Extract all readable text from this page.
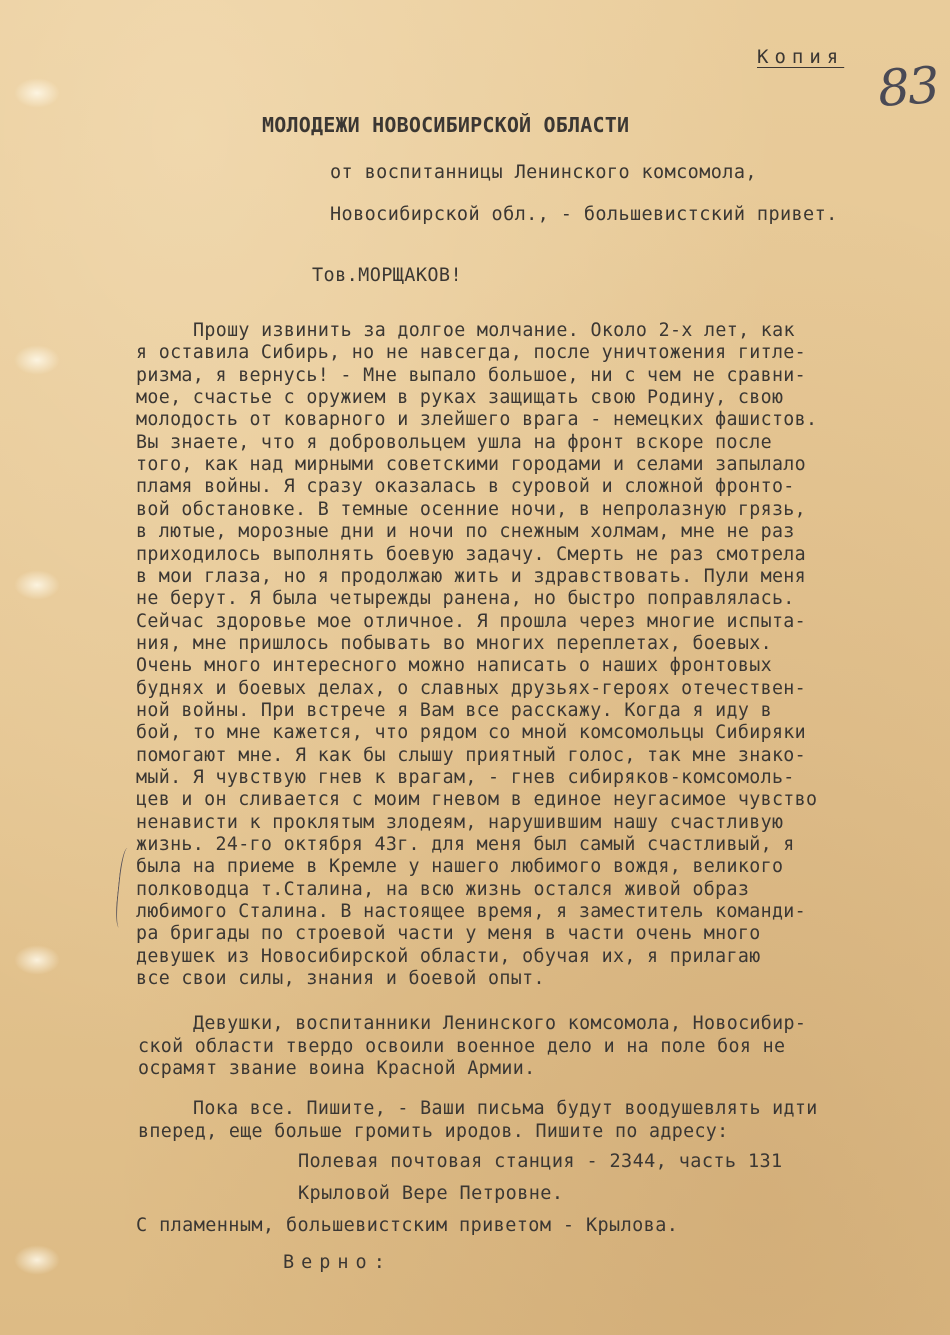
Копия 83
МОЛОДЕЖИ НОВОСИБИРСКОЙ ОБЛАСТИ
от воспитанницы Ленинского комсомола,
Новосибирской обл., - большевистский привет.
Тов.МОРЩАКОВ!
Прошу извинить за долгое молчание. Около 2-х лет, как
я оставила Сибирь, но не навсегда, после уничтожения гитле-
ризма, я вернусь! - Мне выпало большое, ни с чем не сравни-
мое, счастье с оружием в руках защищать свою Родину, свою
молодость от коварного и злейшего врага - немецких фашистов.
Вы знаете, что я добровольцем ушла на фронт вскоре после
того, как над мирными советскими городами и селами запылало
пламя войны. Я сразу оказалась в суровой и сложной фронто-
вой обстановке. В темные осенние ночи, в непролазную грязь,
в лютые, морозные дни и ночи по снежным холмам, мне не раз
приходилось выполнять боевую задачу. Смерть не раз смотрела
в мои глаза, но я продолжаю жить и здравствовать. Пули меня
не берут. Я была четырежды ранена, но быстро поправлялась.
Сейчас здоровье мое отличное. Я прошла через многие испыта-
ния, мне пришлось побывать во многих переплетах, боевых.
Очень много интересного можно написать о наших фронтовых
буднях и боевых делах, о славных друзьях-героях отечествен-
ной войны. При встрече я Вам все расскажу. Когда я иду в
бой, то мне кажется, что рядом со мной комсомольцы Сибиряки
помогают мне. Я как бы слышу приятный голос, так мне знако-
мый. Я чувствую гнев к врагам, - гнев сибиряков-комсомоль-
цев и он сливается с моим гневом в единое неугасимое чувство
ненависти к проклятым злодеям, нарушившим нашу счастливую
жизнь. 24-го октября 43г. для меня был самый счастливый, я
была на приеме в Кремле у нашего любимого вождя, великого
полководца т.Сталина, на всю жизнь остался живой образ
любимого Сталина. В настоящее время, я заместитель команди-
ра бригады по строевой части у меня в части очень много
девушек из Новосибирской области, обучая их, я прилагаю
все свои силы, знания и боевой опыт.
Девушки, воспитанники Ленинского комсомола, Новосибир-
ской области твердо освоили военное дело и на поле боя не
осрамят звание воина Красной Армии.
Пока все. Пишите, - Ваши письма будут воодушевлять идти
вперед, еще больше громить иродов. Пишите по адресу:
Полевая почтовая станция - 2344, часть 131
Крыловой Вере Петровне.
С пламенным, большевистским приветом - Крылова.
Верно:
